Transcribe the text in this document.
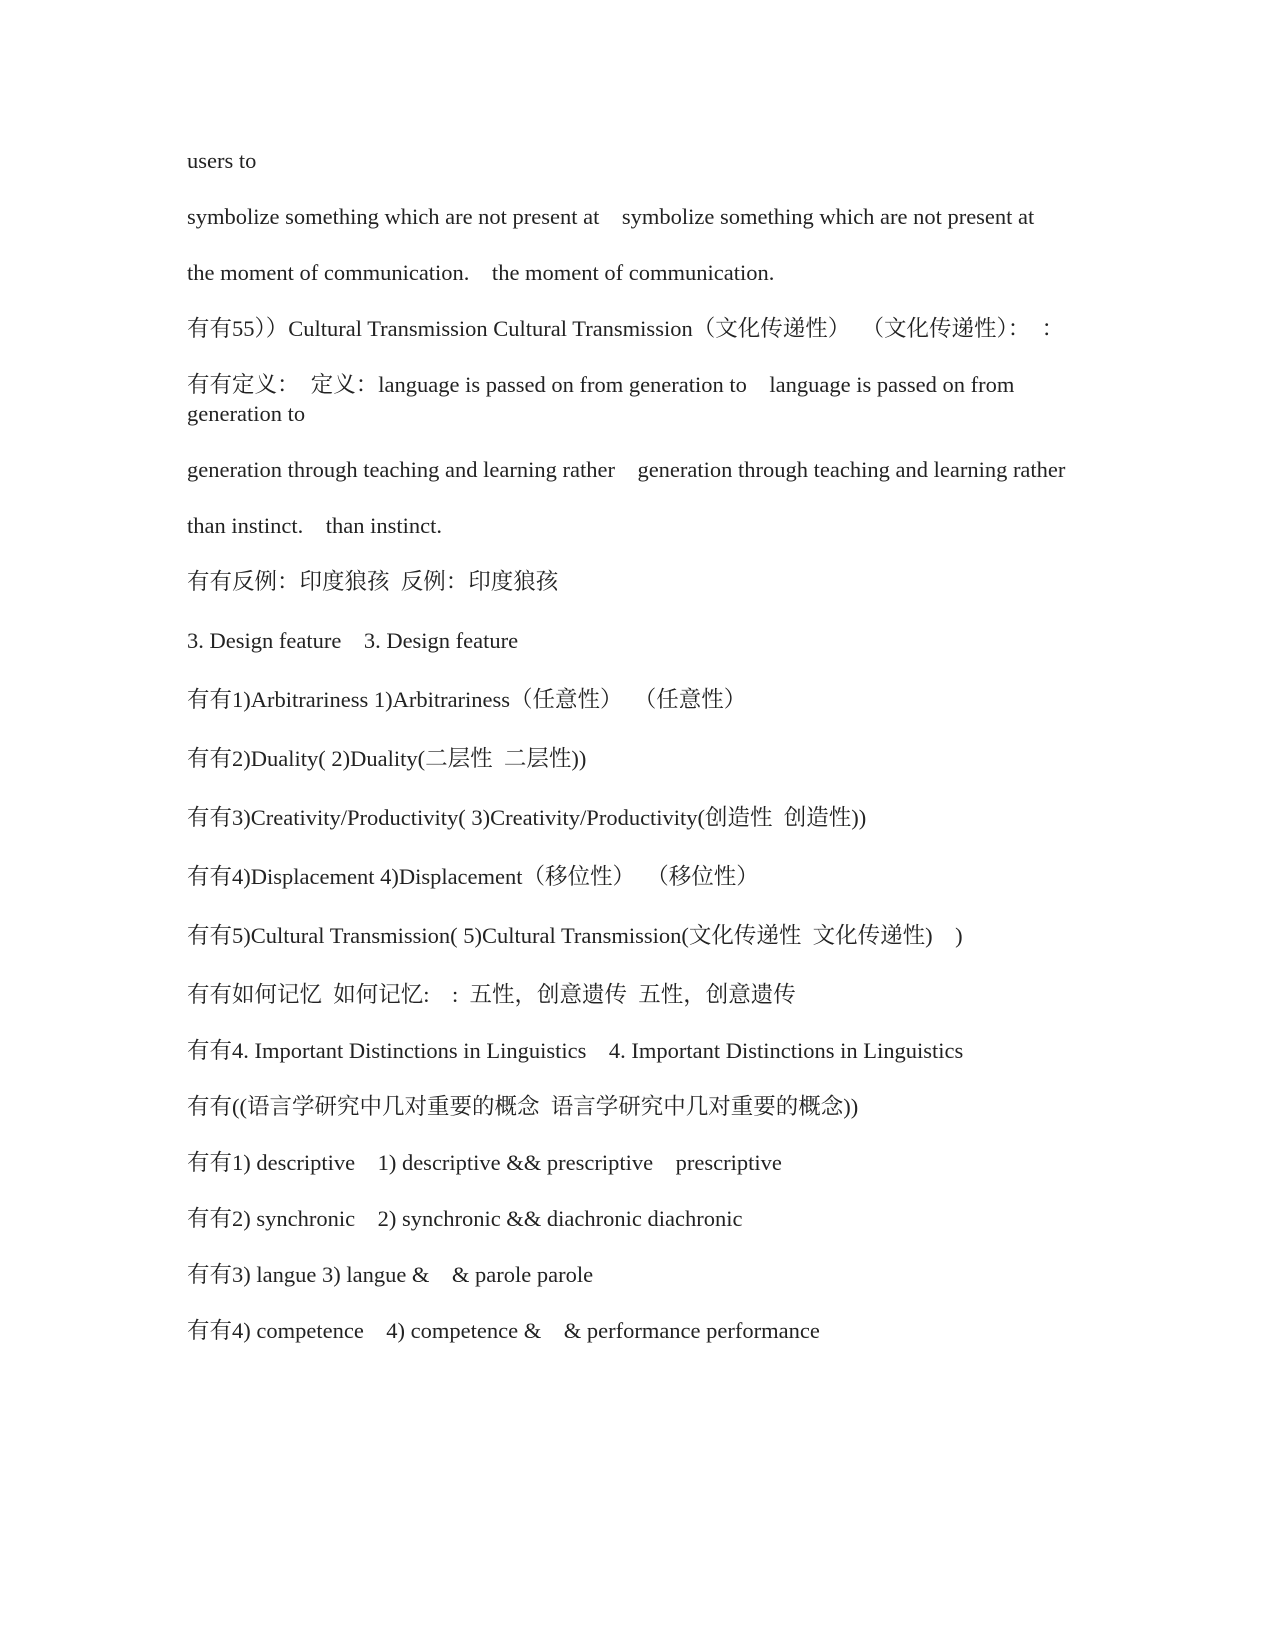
users to

symbolize something which are not present at    symbolize something which are not present at

the moment of communication.    the moment of communication.

有有55））Cultural Transmission Cultural Transmission（文化传递性）  （文化传递性）：  ：

有有定义：  定义：language is passed on from generation to    language is passed on from generation to

generation through teaching and learning rather    generation through teaching and learning rather

than instinct.    than instinct.

有有反例：印度狼孩  反例：印度狼孩

3. Design feature    3. Design feature

有有1)Arbitrariness 1)Arbitrariness（任意性）  （任意性）

有有2)Duality( 2)Duality(二层性  二层性))

有有3)Creativity/Productivity( 3)Creativity/Productivity(创造性  创造性))

有有4)Displacement 4)Displacement（移位性）  （移位性）

有有5)Cultural Transmission( 5)Cultural Transmission(文化传递性  文化传递性)    )

有有如何记忆  如何记忆:    :  五性，创意遗传  五性，创意遗传

有有4. Important Distinctions in Linguistics    4. Important Distinctions in Linguistics

有有((语言学研究中几对重要的概念  语言学研究中几对重要的概念))

有有1) descriptive    1) descriptive && prescriptive    prescriptive

有有2) synchronic    2) synchronic && diachronic diachronic

有有3) langue 3) langue &    & parole parole

有有4) competence    4) competence &    & performance performance
